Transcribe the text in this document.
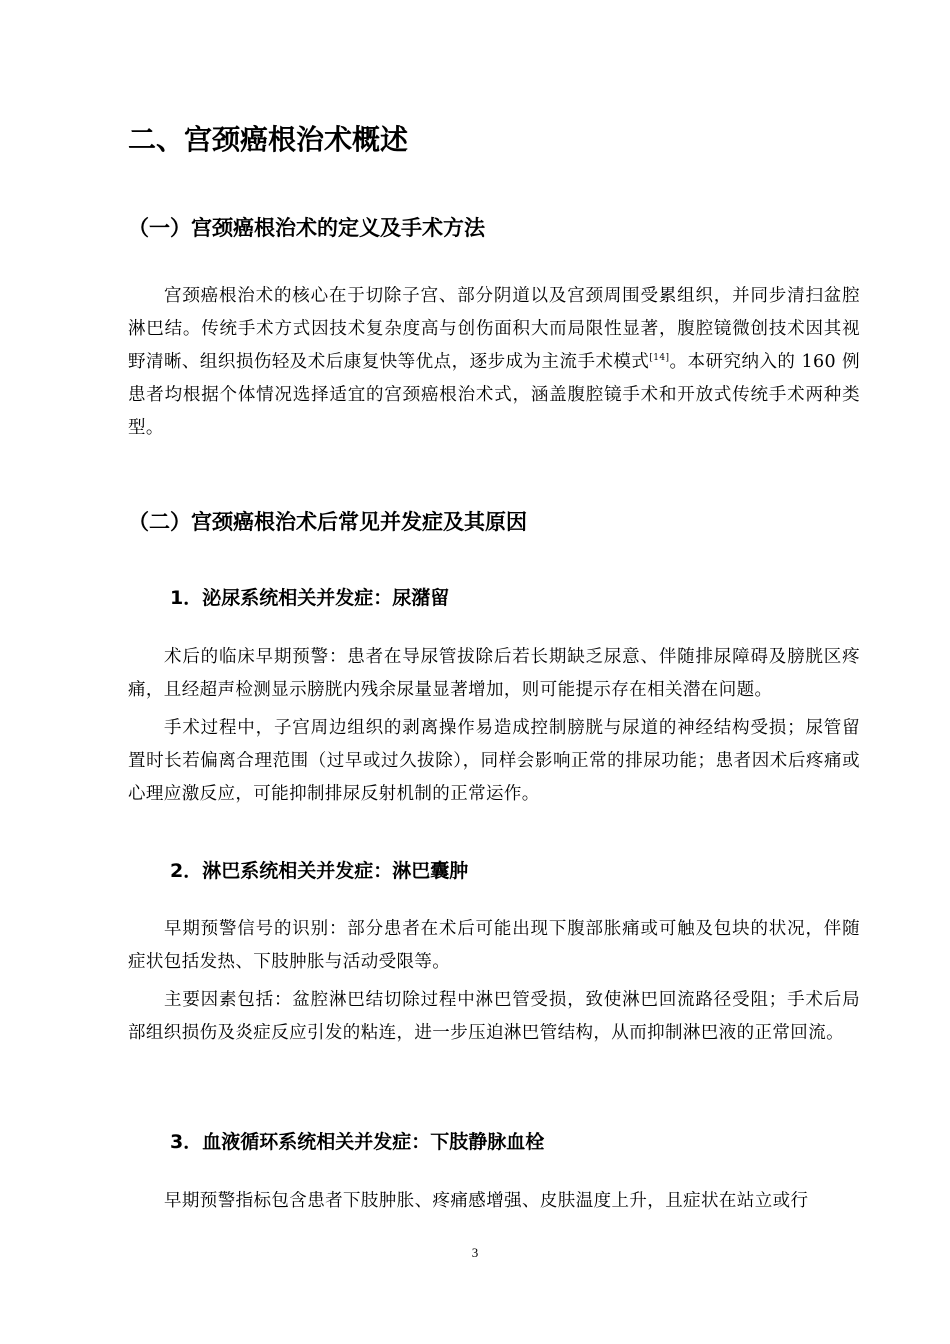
二、宫颈癌根治术概述
（一）宫颈癌根治术的定义及手术方法

宫颈癌根治术的核心在于切除子宫、部分阴道以及宫颈周围受累组织，并同步清扫盆腔淋巴结。传统手术方式因技术复杂度高与创伤面积大而局限性显著，腹腔镜微创技术因其视野清晰、组织损伤轻及术后康复快等优点，逐步成为主流手术模式[14]。本研究纳入的 160 例患者均根据个体情况选择适宜的宫颈癌根治术式，涵盖腹腔镜手术和开放式传统手术两种类型。

（二）宫颈癌根治术后常见并发症及其原因
1．泌尿系统相关并发症：尿潴留

术后的临床早期预警：患者在导尿管拔除后若长期缺乏尿意、伴随排尿障碍及膀胱区疼痛，且经超声检测显示膀胱内残余尿量显著增加，则可能提示存在相关潜在问题。

手术过程中，子宫周边组织的剥离操作易造成控制膀胱与尿道的神经结构受损；尿管留置时长若偏离合理范围（过早或过久拔除），同样会影响正常的排尿功能；患者因术后疼痛或心理应激反应，可能抑制排尿反射机制的正常运作。

2．淋巴系统相关并发症：淋巴囊肿

早期预警信号的识别：部分患者在术后可能出现下腹部胀痛或可触及包块的状况，伴随症状包括发热、下肢肿胀与活动受限等。

主要因素包括：盆腔淋巴结切除过程中淋巴管受损，致使淋巴回流路径受阻；手术后局部组织损伤及炎症反应引发的粘连，进一步压迫淋巴管结构，从而抑制淋巴液的正常回流。

3．血液循环系统相关并发症：下肢静脉血栓

早期预警指标包含患者下肢肿胀、疼痛感增强、皮肤温度上升，且症状在站立或行

3
